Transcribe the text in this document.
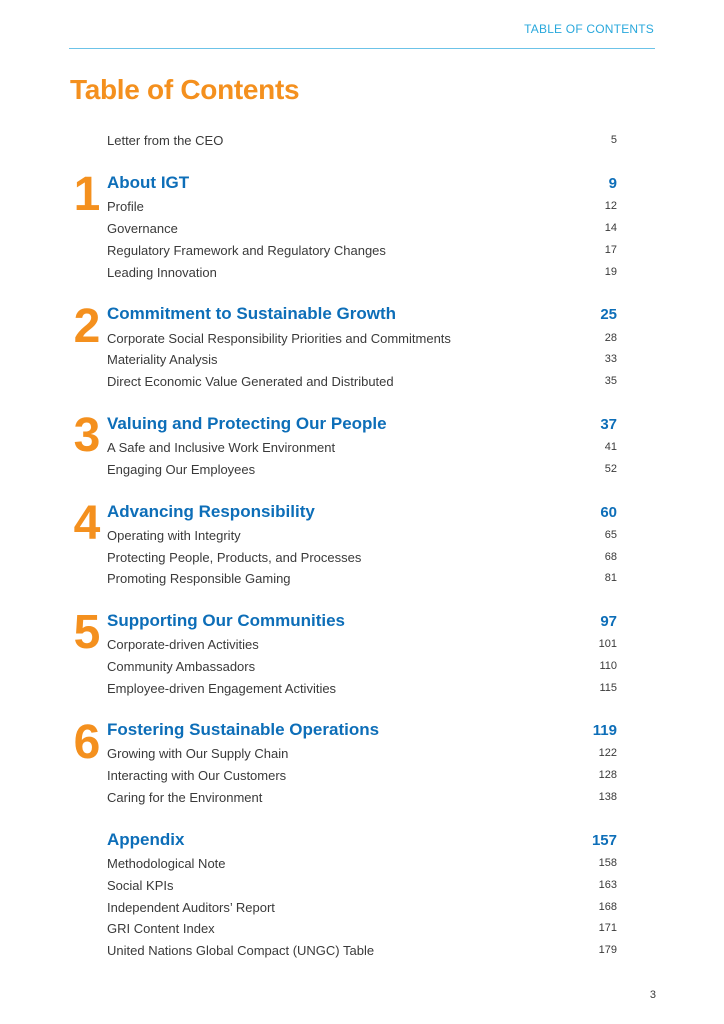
TABLE OF CONTENTS
Table of Contents
Letter from the CEO	5
1 About IGT	9
Profile	12
Governance	14
Regulatory Framework and Regulatory Changes	17
Leading Innovation	19
2 Commitment to Sustainable Growth	25
Corporate Social Responsibility Priorities and Commitments	28
Materiality Analysis	33
Direct Economic Value Generated and Distributed	35
3 Valuing and Protecting Our People	37
A Safe and Inclusive Work Environment	41
Engaging Our Employees	52
4 Advancing Responsibility	60
Operating with Integrity	65
Protecting People, Products, and Processes	68
Promoting Responsible Gaming	81
5 Supporting Our Communities	97
Corporate-driven Activities	101
Community Ambassadors	110
Employee-driven Engagement Activities	115
6 Fostering Sustainable Operations	119
Growing with Our Supply Chain	122
Interacting with Our Customers	128
Caring for the Environment	138
Appendix	157
Methodological Note	158
Social KPIs	163
Independent Auditors’ Report	168
GRI Content Index	171
United Nations Global Compact (UNGC) Table	179
3
